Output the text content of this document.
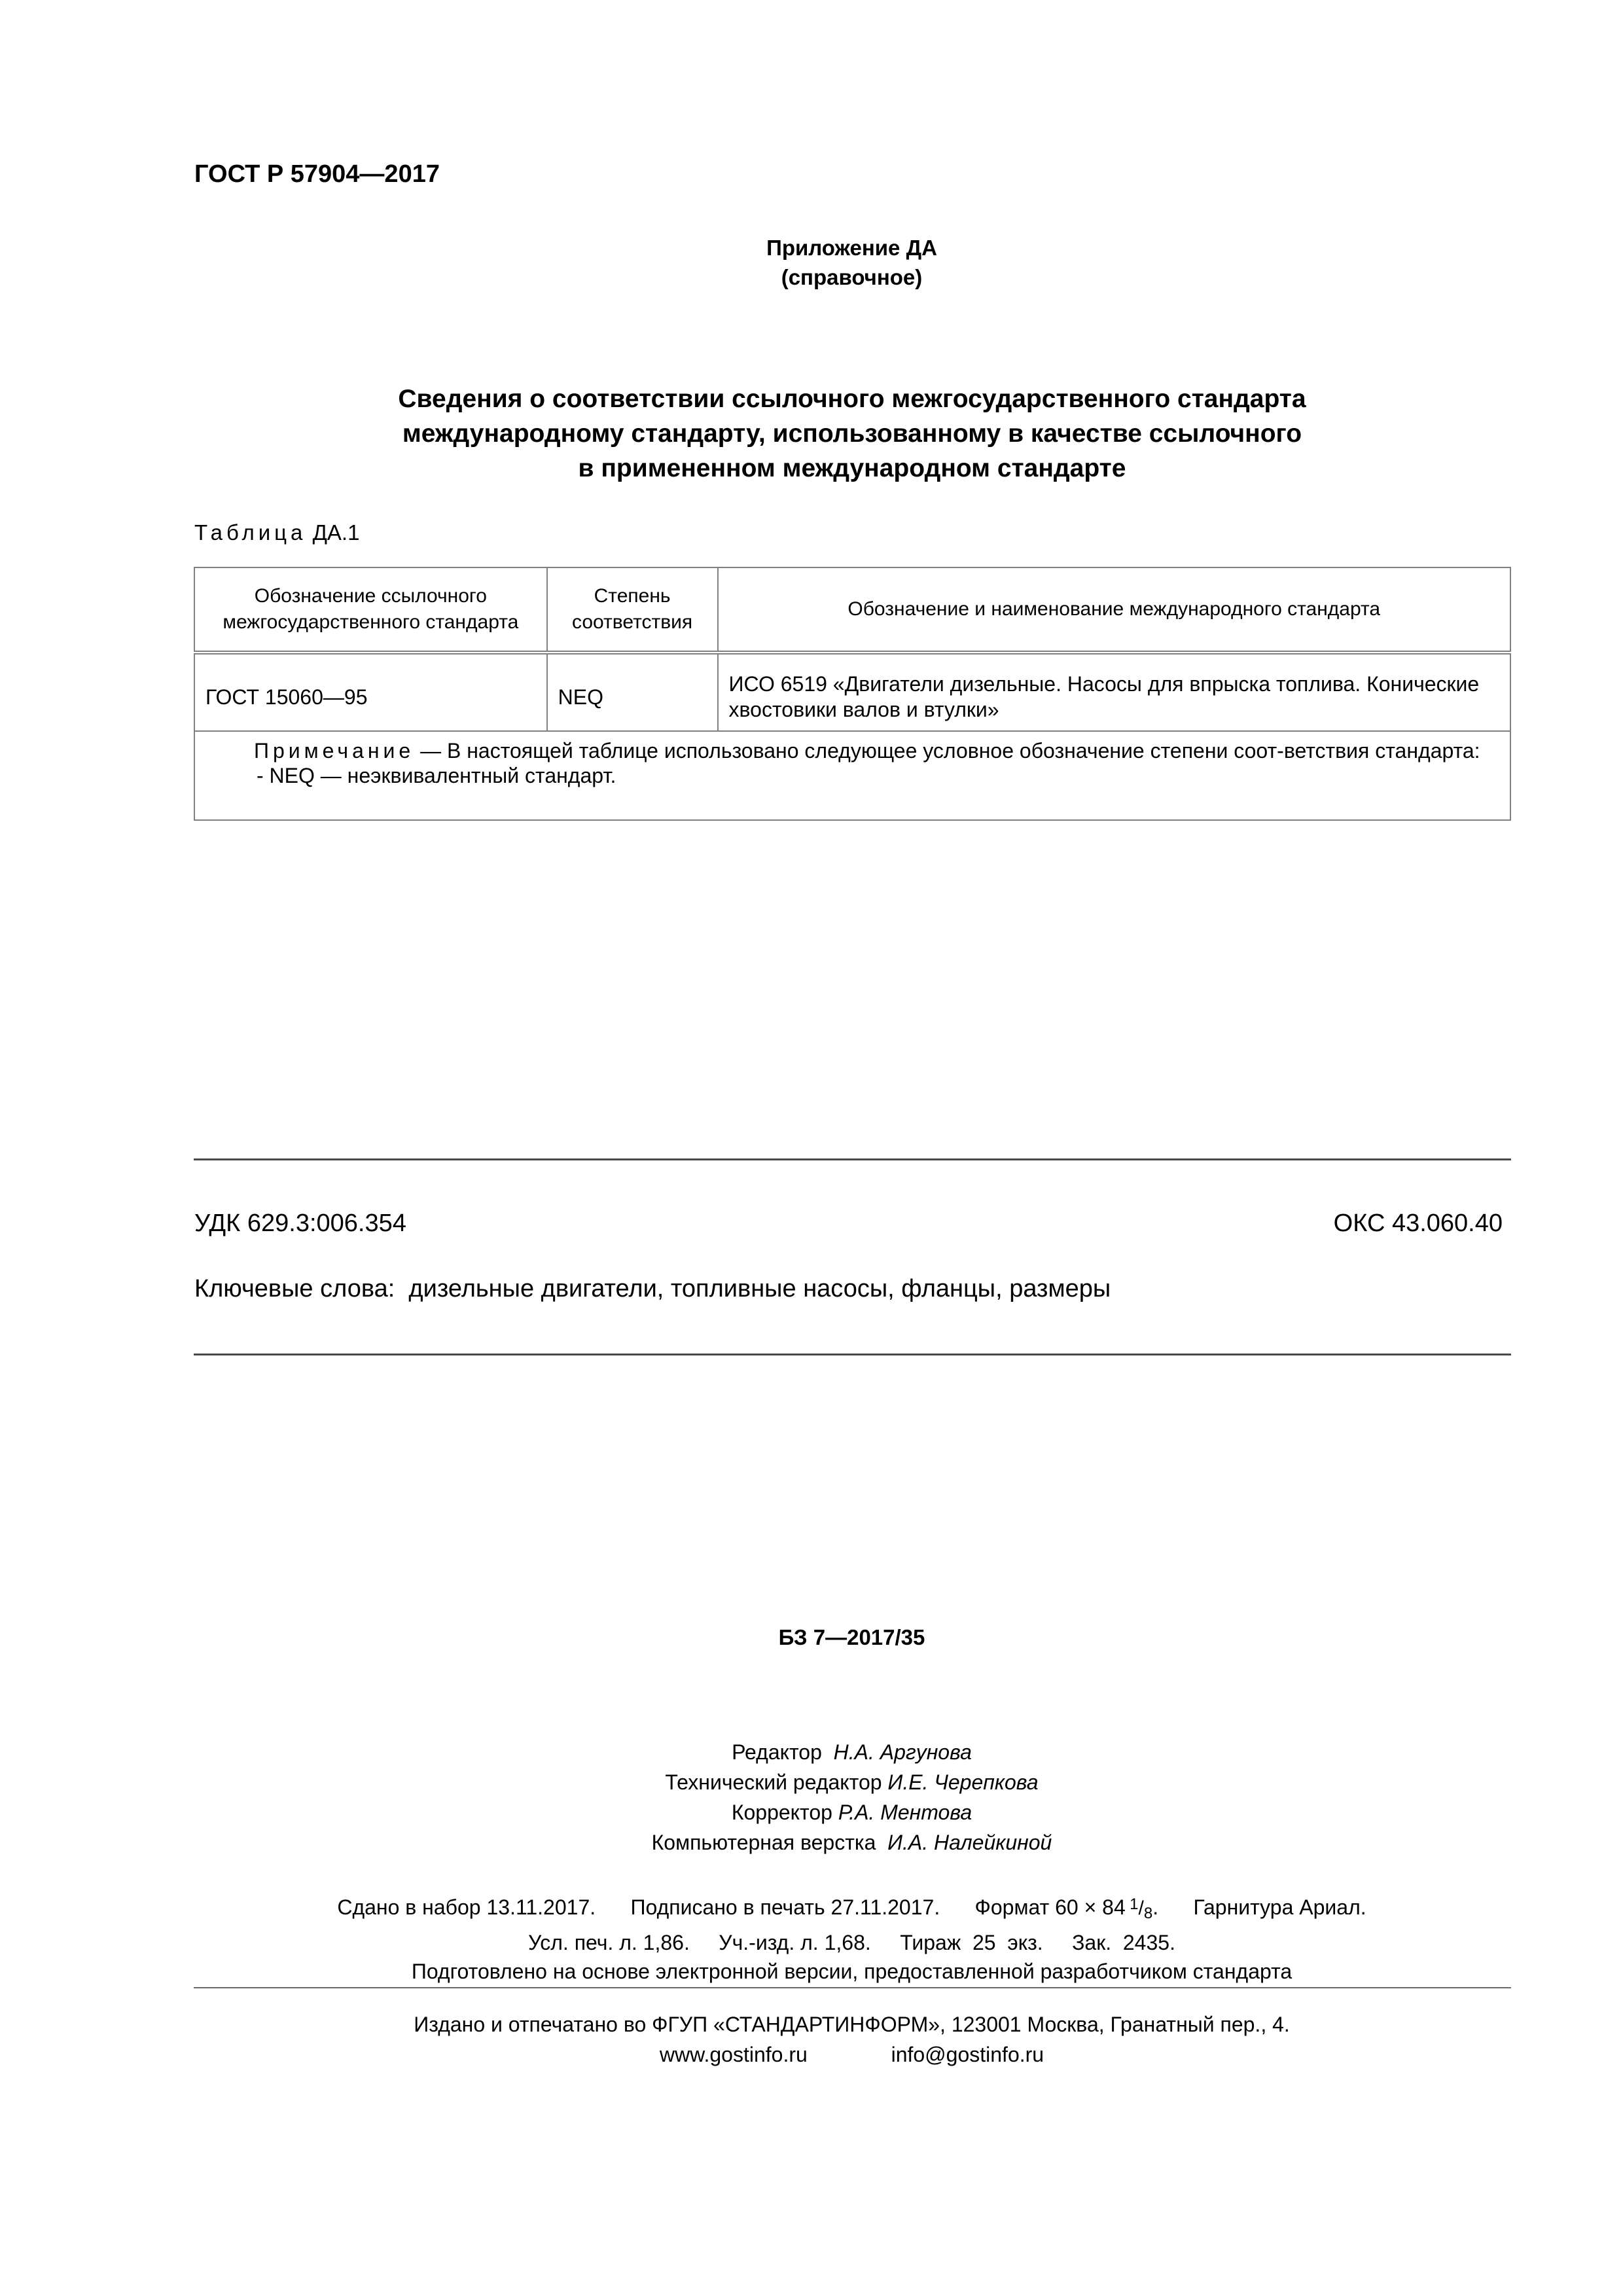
ГОСТ Р 57904—2017
Приложение ДА
(справочное)
Сведения о соответствии ссылочного межгосударственного стандарта
международному стандарту, использованному в качестве ссылочного
в примененном международном стандарте
Таблица ДА.1
Обозначение ссылочного межгосударственного стандарта	Степень соответствия	Обозначение и наименование международного стандарта
ГОСТ 15060—95	NEQ	ИСО 6519 «Двигатели дизельные. Насосы для впрыска топлива. Конические хвостовики валов и втулки»

Примечание — В настоящей таблице использовано следующее условное обозначение степени соот-ветствия стандарта:
- NEQ — неэквивалентный стандарт.		
УДК 629.3:006.354	ОКС 43.060.40
Ключевые слова: дизельные двигатели, топливные насосы, фланцы, размеры
БЗ 7—2017/35
Редактор Н.А. Аргунова
Технический редактор И.Е. Черепкова
Корректор Р.А. Ментова
Компьютерная верстка И.А. Налейкиной
Сдано в набор 13.11.2017. Подписано в печать 27.11.2017. Формат 60 × 84  $^1$/8.      Гарнитура Ариал.
Усл. печ. л. 1,86.     Уч.-изд. л. 1,68.     Тираж  25  экз.     Зак.  2435.
Подготовлено на основе электронной версии, предоставленной разработчиком стандарта
Издано и отпечатано во ФГУП «СТАНДАРТИНФОРМ», 123001 Москва, Гранатный пер., 4.
www.gostinfo.ru	info@gostinfo.ru
